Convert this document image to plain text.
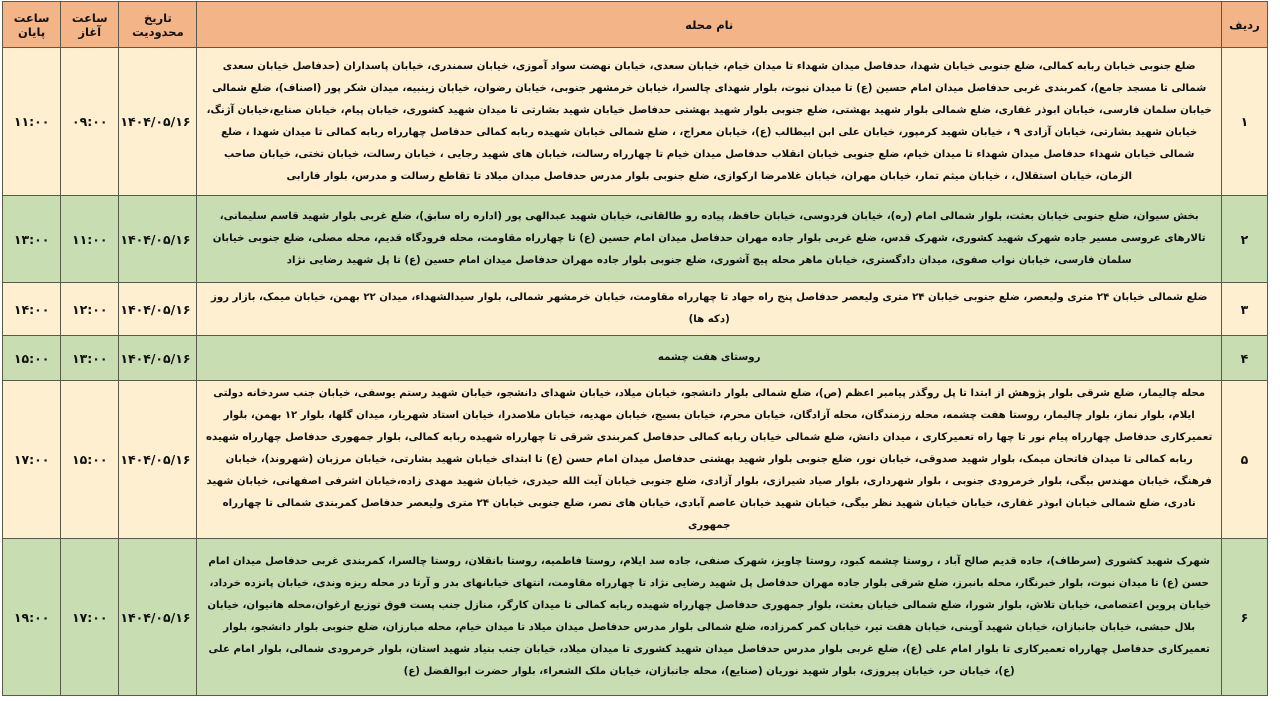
ردیف	نام محله	تاریخ محدودیت	ساعت آغاز	ساعت پایان
۱	ضلع جنوبی خیابان ربابه کمالی، ضلع جنوبی خیابان شهدا، حدفاصل میدان شهداء تا میدان خیام، خیابان سعدی، خیابان نهضت سواد آموزی، خیابان سمندری، خیابان پاسداران (حدفاصل خیابان سعدی شمالی تا مسجد جامع)، کمربندی غربی حدفاصل میدان امام حسین (ع) تا میدان نبوت، بلوار شهدای چالسرا، خیابان خرمشهر جنوبی، خیابان رضوان، خیابان زینبیه، میدان شکر پور (اصناف)، ضلع شمالی خیابان سلمان فارسی، خیابان ابوذر غفاری، ضلع شمالی بلوار شهید بهشتی، ضلع جنوبی بلوار شهید بهشتی حدفاصل خیابان شهید بشارتی تا میدان شهید کشوری، خیابان پیام، خیابان صنایع،خیابان آژنگ، خیابان شهید بشارتی، خیابان آزادی ۹ ، خیابان شهید کرمپور، خیابان علی ابن ابیطالب (ع)، خیابان معراج، ، ضلع شمالی خیابان شهیده ربابه کمالی حدفاصل چهارراه ربابه کمالی تا میدان شهدا ، ضلع شمالی خیابان شهداء حدفاصل میدان شهداء تا میدان خیام، ضلع جنوبی خیابان انقلاب حدفاصل میدان خیام تا چهارراه رسالت، خیابان های شهید رجایی ، خیابان رسالت، خیابان تختی، خیابان صاحب الزمان، خیابان استقلال، ، خیابان میثم تمار، خیابان مهران، خیابان غلامرضا ارکوازی، ضلع جنوبی بلوار مدرس حدفاصل میدان میلاد تا تقاطع رسالت و مدرس، بلوار فارابی	۱۴۰۴/۰۵/۱۶	۰۹:۰۰	۱۱:۰۰
۲	بخش سیوان، ضلع جنوبی خیابان بعثت، بلوار شمالی امام (ره)، خیابان فردوسی، خیابان حافظ، پیاده رو طالقانی، خیابان شهید عبدالهی پور (اداره راه سابق)، ضلع غربی بلوار شهید قاسم سلیمانی، تالارهای عروسی مسیر جاده شهرک شهید کشوری، شهرک قدس، ضلع غربی بلوار جاده مهران حدفاصل میدان امام حسین (ع) تا چهارراه مقاومت، محله فرودگاه قدیم، محله مصلی، ضلع جنوبی خیابان سلمان فارسی، خیابان نواب صفوی، میدان دادگستری، خیابان ماهر محله پیچ آشوری، ضلع جنوبی بلوار جاده مهران حدفاصل میدان امام حسین (ع) تا پل شهید رضایی نژاد	۱۴۰۴/۰۵/۱۶	۱۱:۰۰	۱۳:۰۰
۳	ضلع شمالی خیابان ۲۴ متری ولیعصر، ضلع جنوبی خیابان ۲۴ متری ولیعصر حدفاصل پنج راه جهاد تا چهارراه مقاومت، خیابان خرمشهر شمالی، بلوار سیدالشهداء، میدان ۲۲ بهمن، خیابان میمک، بازار روز (دکه ها)	۱۴۰۴/۰۵/۱۶	۱۲:۰۰	۱۴:۰۰
۴	روستای هفت چشمه	۱۴۰۴/۰۵/۱۶	۱۳:۰۰	۱۵:۰۰
۵	محله چالیمار، ضلع شرقی بلوار پژوهش از ابتدا تا پل روگذر پیامبر اعظم (ص)، ضلع شمالی بلوار دانشجو، خیابان میلاد، خیابان شهدای دانشجو، خیابان شهید رستم یوسفی، خیابان جنب سردخانه دولتی ایلام، بلوار نماز، بلوار چالیمار، روستا هفت چشمه، محله رزمندگان، محله آزادگان، خیابان محرم، خیابان بسیج، خیابان مهدیه، خیابان ملاصدرا، خیابان استاد شهریار، میدان گلها، بلوار ۱۲ بهمن، بلوار تعمیرکاری حدفاصل چهارراه پیام نور تا چها راه تعمیرکاری ، میدان دانش، ضلع شمالی خیابان ربابه کمالی حدفاصل کمربندی شرقی تا چهارراه شهیده ربابه کمالی، بلوار جمهوری حدفاصل چهارراه شهیده ربابه کمالی تا میدان فاتحان میمک، بلوار شهید صدوقی، خیابان نور، ضلع جنوبی بلوار شهید بهشتی حدفاصل میدان امام حسن (ع) تا ابتدای خیابان شهید بشارتی، خیابان مرزبان (شهروند)، خیابان فرهنگ، خیابان مهندس بیگی، بلوار خرمرودی جنوبی ، بلوار شهرداری، بلوار صیاد شیرازی، بلوار آزادی، ضلع جنوبی خیابان آیت الله حیدری، خیابان شهید مهدی زاده،خیابان اشرفی اصفهانی، خیابان شهید نادری، ضلع شمالی خیابان ابوذر غفاری، خیابان خیابان شهید نظر بیگی، خیابان شهید خیابان عاصم آبادی، خیابان های نصر، ضلع جنوبی خیابان ۲۴ متری ولیعصر حدفاصل کمربندی شمالی تا چهارراه جمهوری	۱۴۰۴/۰۵/۱۶	۱۵:۰۰	۱۷:۰۰
۶	شهرک شهید کشوری (سرطاف)، جاده قدیم صالح آباد ، روستا چشمه کبود، روستا چاویز، شهرک صنفی، جاده سد ایلام، روستا فاطمیه، روستا بانقلان، روستا چالسرا، کمربندی غربی حدفاصل میدان امام حسن (ع) تا میدان نبوت، بلوار خبرنگار، محله بانبرز، ضلع شرقی بلوار جاده مهران حدفاصل پل شهید رضایی نژاد تا چهارراه مقاومت، انتهای خیابانهای بدر و آرتا در محله ریزه وندی، خیابان پانزده خرداد، خیابان پروین اعتصامی، خیابان تلاش، بلوار شورا، ضلع شمالی خیابان بعثت، بلوار جمهوری حدفاصل چهارراه شهیده ربابه کمالی تا میدان کارگر، منازل جنب پست فوق توزیع ارغوان،محله هانیوان، خیابان بلال حبشی، خیابان جانبازان، خیابان شهید آوینی، خیابان هفت تیر، خیابان کمر کمرزاده، ضلع شمالی بلوار مدرس حدفاصل میدان میلاد تا میدان خیام، محله مبارزان، ضلع جنوبی بلوار دانشجو، بلوار تعمیرکاری حدفاصل چهارراه تعمیرکاری تا بلوار امام علی (ع)، ضلع غربی بلوار مدرس حدفاصل میدان شهید کشوری تا میدان میلاد، خیابان جنب بنیاد شهید استان، بلوار خرمرودی شمالی، بلوار امام علی (ع)، خیابان حر، خیابان پیروزی، بلوار شهید نوریان (صنایع)، محله جانبازان، خیابان ملک الشعراء، بلوار حضرت ابوالفضل (ع)	۱۴۰۴/۰۵/۱۶	۱۷:۰۰	۱۹:۰۰
